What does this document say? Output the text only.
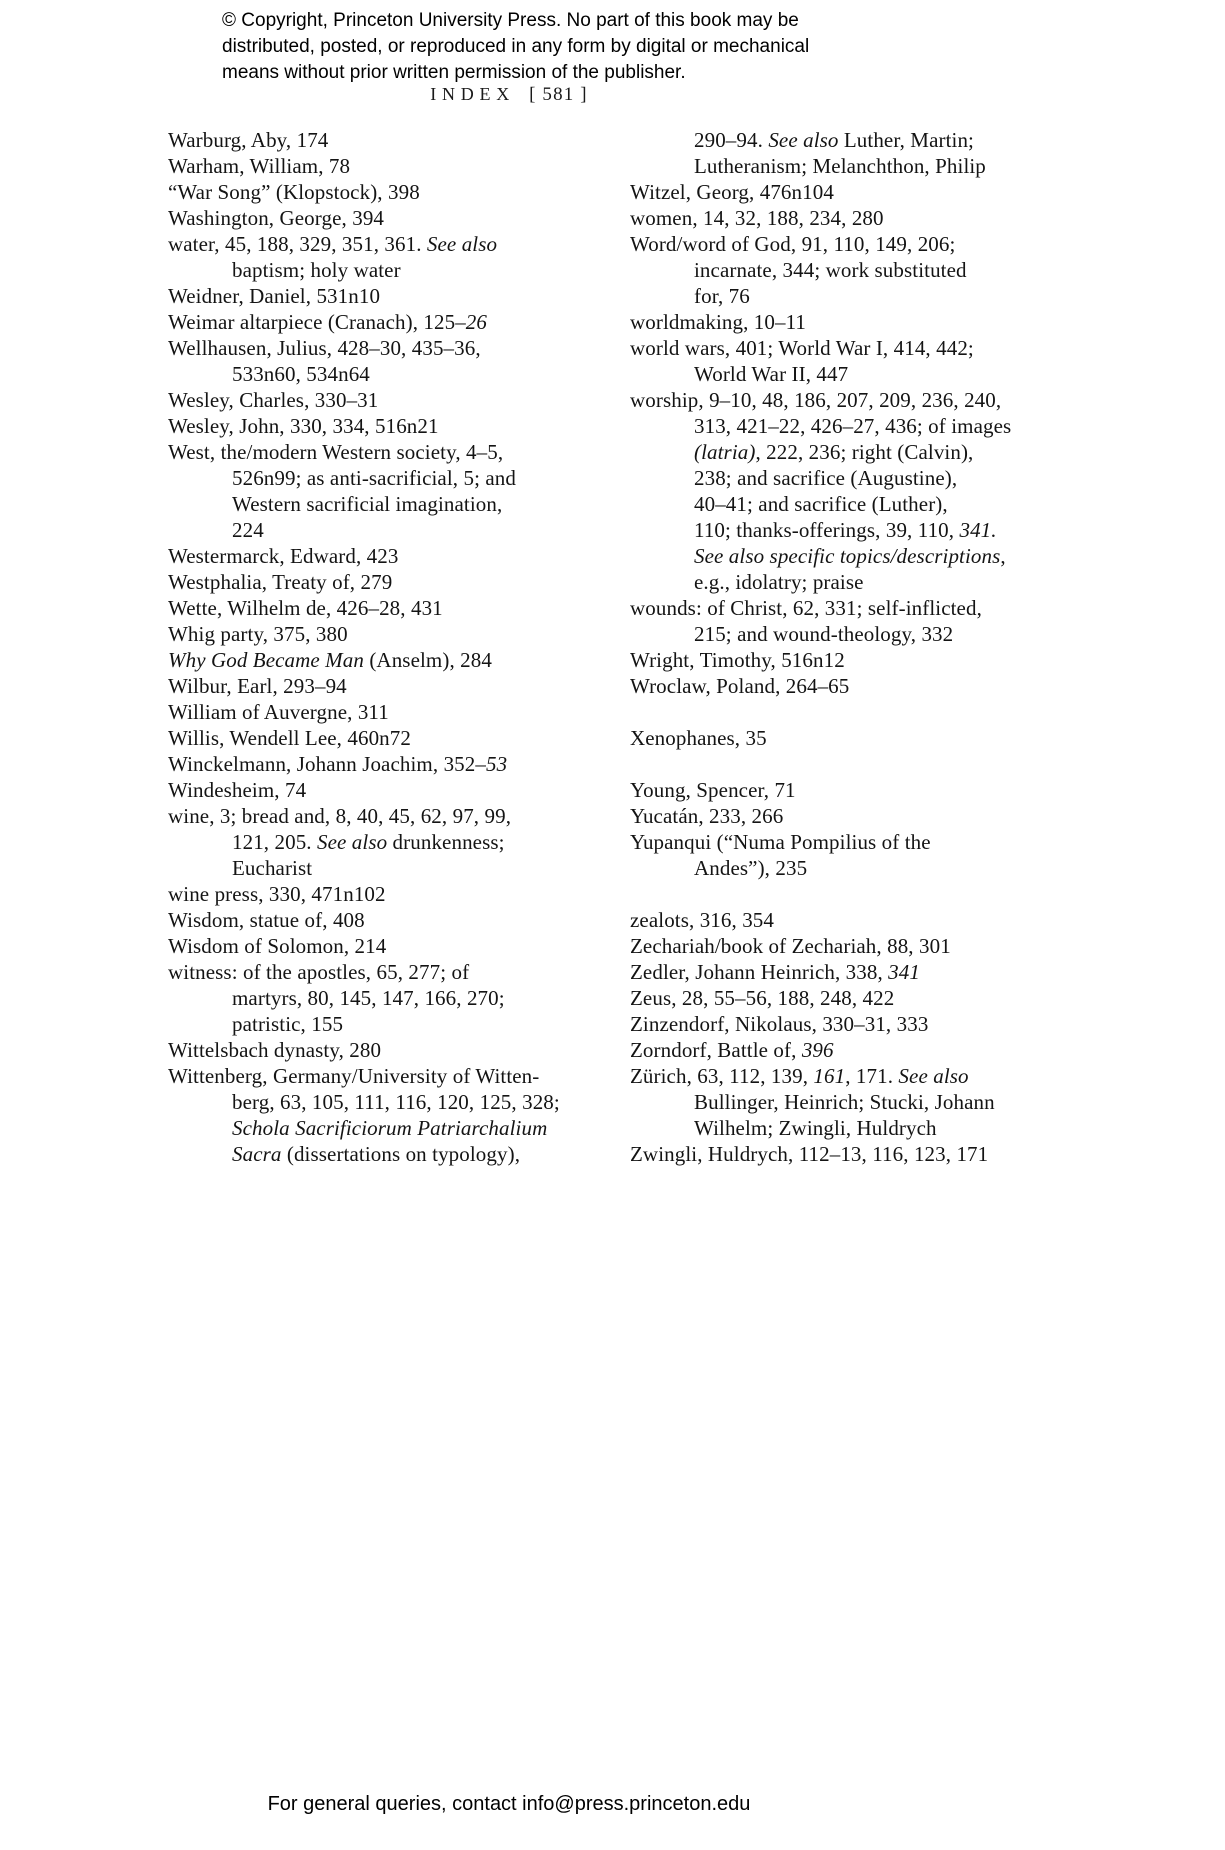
© Copyright, Princeton University Press. No part of this book may be
distributed, posted, or reproduced in any form by digital or mechanical
means without prior written permission of the publisher.
INDEX [ 581 ]
Warburg, Aby, 174
Warham, William, 78
“War Song” (Klopstock), 398
Washington, George, 394
water, 45, 188, 329, 351, 361. See also
baptism; holy water
Weidner, Daniel, 531n10
Weimar altarpiece (Cranach), 125–26
Wellhausen, Julius, 428–30, 435–36,
533n60, 534n64
Wesley, Charles, 330–31
Wesley, John, 330, 334, 516n21
West, the/modern Western society, 4–5,
526n99; as anti-sacrificial, 5; and
Western sacrificial imagination,
224
Westermarck, Edward, 423
Westphalia, Treaty of, 279
Wette, Wilhelm de, 426–28, 431
Whig party, 375, 380
Why God Became Man (Anselm), 284
Wilbur, Earl, 293–94
William of Auvergne, 311
Willis, Wendell Lee, 460n72
Winckelmann, Johann Joachim, 352–53
Windesheim, 74
wine, 3; bread and, 8, 40, 45, 62, 97, 99,
121, 205. See also drunkenness;
Eucharist
wine press, 330, 471n102
Wisdom, statue of, 408
Wisdom of Solomon, 214
witness: of the apostles, 65, 277; of
martyrs, 80, 145, 147, 166, 270;
patristic, 155
Wittelsbach dynasty, 280
Wittenberg, Germany/University of Witten-
berg, 63, 105, 111, 116, 120, 125, 328;
Schola Sacrificiorum Patriarchalium
Sacra (dissertations on typology),
290–94. See also Luther, Martin;
Lutheranism; Melanchthon, Philip
Witzel, Georg, 476n104
women, 14, 32, 188, 234, 280
Word/word of God, 91, 110, 149, 206;
incarnate, 344; work substituted
for, 76
worldmaking, 10–11
world wars, 401; World War I, 414, 442;
World War II, 447
worship, 9–10, 48, 186, 207, 209, 236, 240,
313, 421–22, 426–27, 436; of images
(latria), 222, 236; right (Calvin),
238; and sacrifice (Augustine),
40–41; and sacrifice (Luther),
110; thanks-offerings, 39, 110, 341.
See also specific topics/descriptions,
e.g., idolatry; praise
wounds: of Christ, 62, 331; self-inflicted,
215; and wound-theology, 332
Wright, Timothy, 516n12
Wroclaw, Poland, 264–65

Xenophanes, 35

Young, Spencer, 71
Yucatán, 233, 266
Yupanqui (“Numa Pompilius of the
Andes”), 235

zealots, 316, 354
Zechariah/book of Zechariah, 88, 301
Zedler, Johann Heinrich, 338, 341
Zeus, 28, 55–56, 188, 248, 422
Zinzendorf, Nikolaus, 330–31, 333
Zorndorf, Battle of, 396
Zürich, 63, 112, 139, 161, 171. See also
Bullinger, Heinrich; Stucki, Johann
Wilhelm; Zwingli, Huldrych
Zwingli, Huldrych, 112–13, 116, 123, 171
For general queries, contact info@press.princeton.edu
